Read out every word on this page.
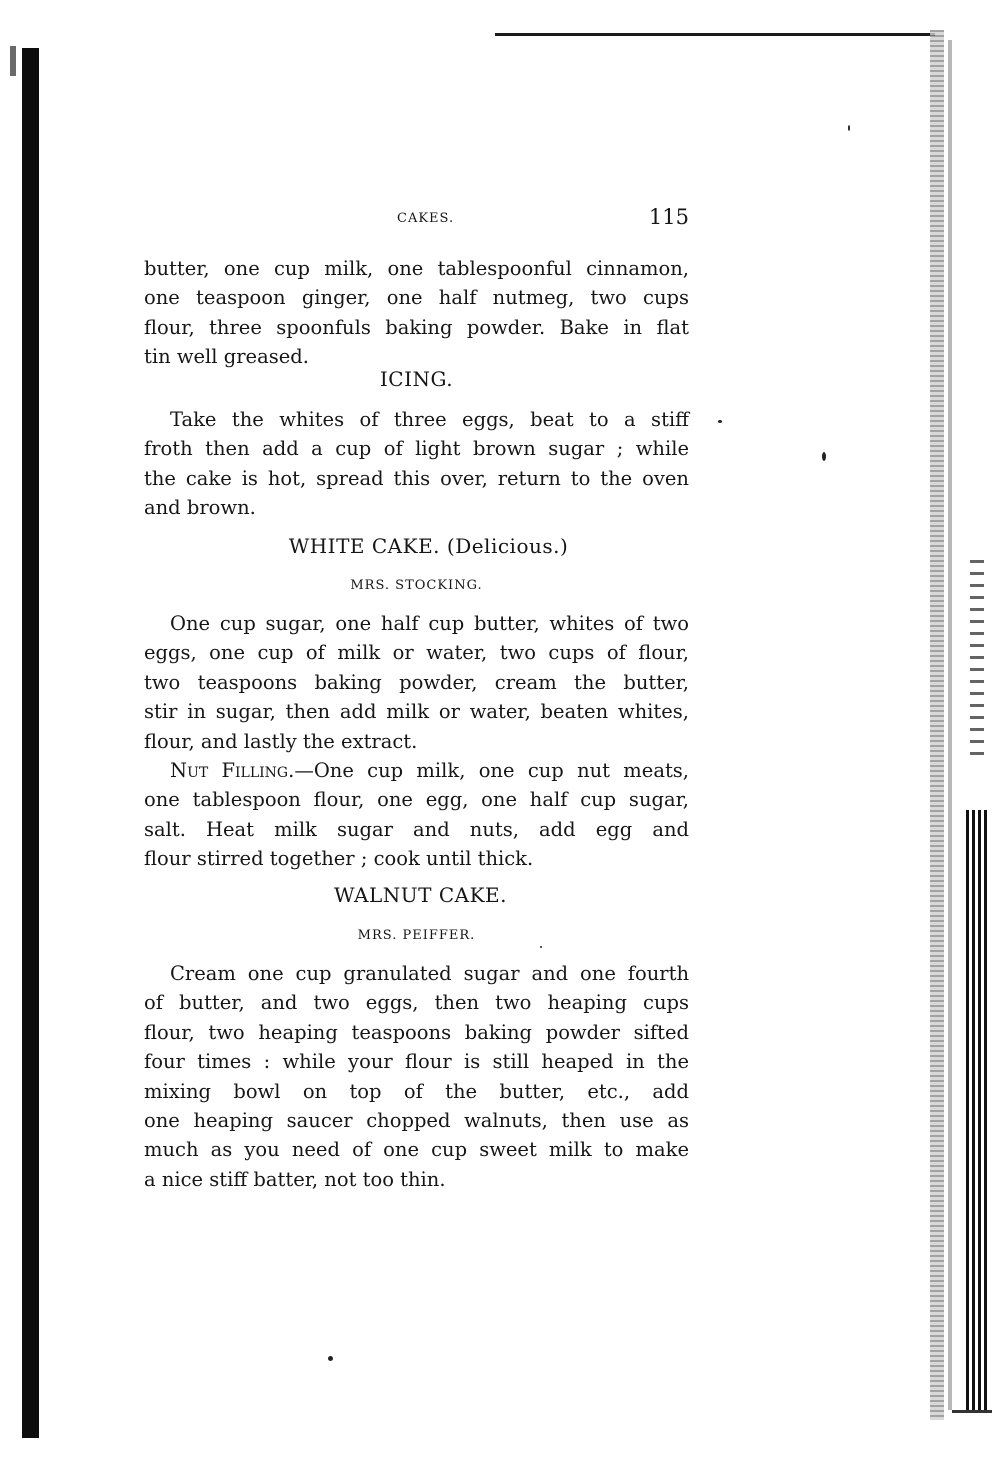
CAKES.	115
butter, one cup milk, one tablespoonful cinnamon,
one teaspoon ginger, one half nutmeg, two cups
flour, three spoonfuls baking powder. Bake in flat
tin well greased.
ICING.
Take the whites of three eggs, beat to a stiff
froth then add a cup of light brown sugar ; while
the cake is hot, spread this over, return to the oven
and brown.
WHITE CAKE. (Delicious.)
MRS. STOCKING.
One cup sugar, one half cup butter, whites of two
eggs, one cup of milk or water, two cups of flour,
two teaspoons baking powder, cream the butter,
stir in sugar, then add milk or water, beaten whites,
flour, and lastly the extract.
Nut Filling.—One cup milk, one cup nut meats,
one tablespoon flour, one egg, one half cup sugar,
salt. Heat milk sugar and nuts, add egg and
flour stirred together ; cook until thick.
WALNUT CAKE.
MRS. PEIFFER.
Cream one cup granulated sugar and one fourth
of butter, and two eggs, then two heaping cups
flour, two heaping teaspoons baking powder sifted
four times : while your flour is still heaped in the
mixing bowl on top of the butter, etc., add
one heaping saucer chopped walnuts, then use as
much as you need of one cup sweet milk to make
a nice stiff batter, not too thin.
